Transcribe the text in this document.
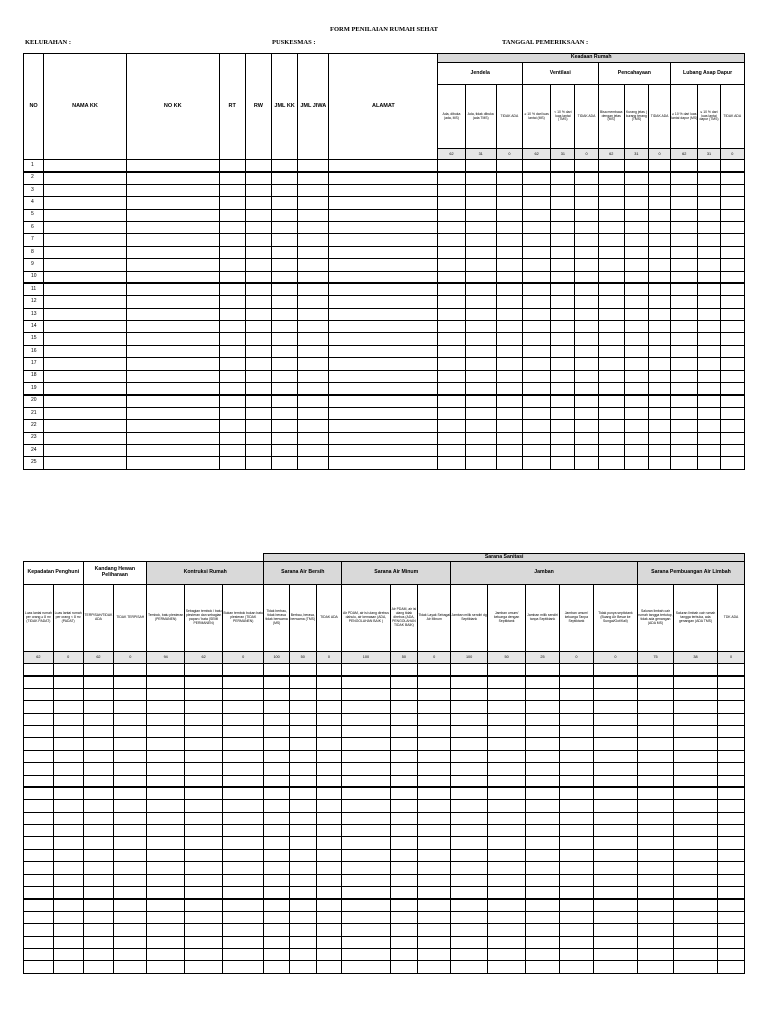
FORM PENILAIAN RUMAH SEHAT
KELURAHAN :	PUSKESMAS :	TANGGAL PEMERIKSAAN :
NO	NAMA KK	NO KK	RT	RW	JML KK	JML JIWA	ALAMAT	Keadaan Rumah											
								Jendela			Ventilasi			Pencahayaan			Lubang Asap Dapur		
								Ada, dibuka (ada, MS)	Ada, tidak dibuka (ada TMS)	TIDAK ADA	≥ 10 % dari luas lantai (MS)	< 10 % dari luas lantai (TMS)	TIDAK ADA	Bisa membaca dengan jelas (MS)	Kurang jelas ( kurang terang (TMS)	TIDAK ADA	≥ 10 % dari luas lantai dapur (MS)	≤ 10 % dari luas lantai dapur (TMS)	TIDAK ADA
								62	31	0	62	31	0	62	31	0	62	31	0
1																			
2																			
3																			
4																			
5																			
6																			
7																			
8																			
9																			
10																			
11																			
12																			
13																			
14																			
15																			
16																			
17																			
18																			
19																			
20																			
21																			
22																			
23																			
24																			
25																			
							Sarana Sanitasi													
Kepadatan Penghuni		Kandang Hewan Peliharaan		Kontruksi Rumah			Sarana Air Bersih			Sarana Air Minum			Jamban					Sarana Pembuangan Air Limbah		
Luas lantai rumah per orang ≥ 8 m² (TIDAK PADAT)	Luas lantai rumah per orang < 8 m² (PADAT)	TERPISAH/TIDAK ADA	TIDAK TERPISAH	Tembok, batu plesteran (PERMANEN)	Sebagian tembok / batu plesteran dan sebagian papan / bata (SEMI PERMANEN)	Bukan tembok bukan batu plesteran (TIDAK PERMANEN)	Tidak berbau, tidak berasa tidak berwarna (MS)	Berbau, berasa, berwarna (TMS)	TIDAK ADA	Air PDAM, air isi ulang direbus dahulu, air kemasan (ADA, PENGOLAHAN BAIK )	Air PDAM, air isi ulang tidak direbus (ADA, PENGOLAHAN TIDAK BAIK)	Tidak Layak Sebagai Air Minum	Jamban milik sendiri dg Septiktank	Jamban umum/ keluarga dengan Septiktank	Jamban milik sendiri tanpa Septiktank	Jamban umum/ keluarga Tanpa Septiktank	Tidak punya septictank (Buang Air Besar ke Sungai/Got/Kali)	Saluran limbah cair rumah tangga tertutup, tidak ada genangan (ADA MS)	Saluran limbah cair rumah tangga terbuka, ada genangan (ADA TMS)	TDK ADA
62	0	62	0	94	62	0	100	50	0	100	50	0	100	50	25	0	0	75	38	0
